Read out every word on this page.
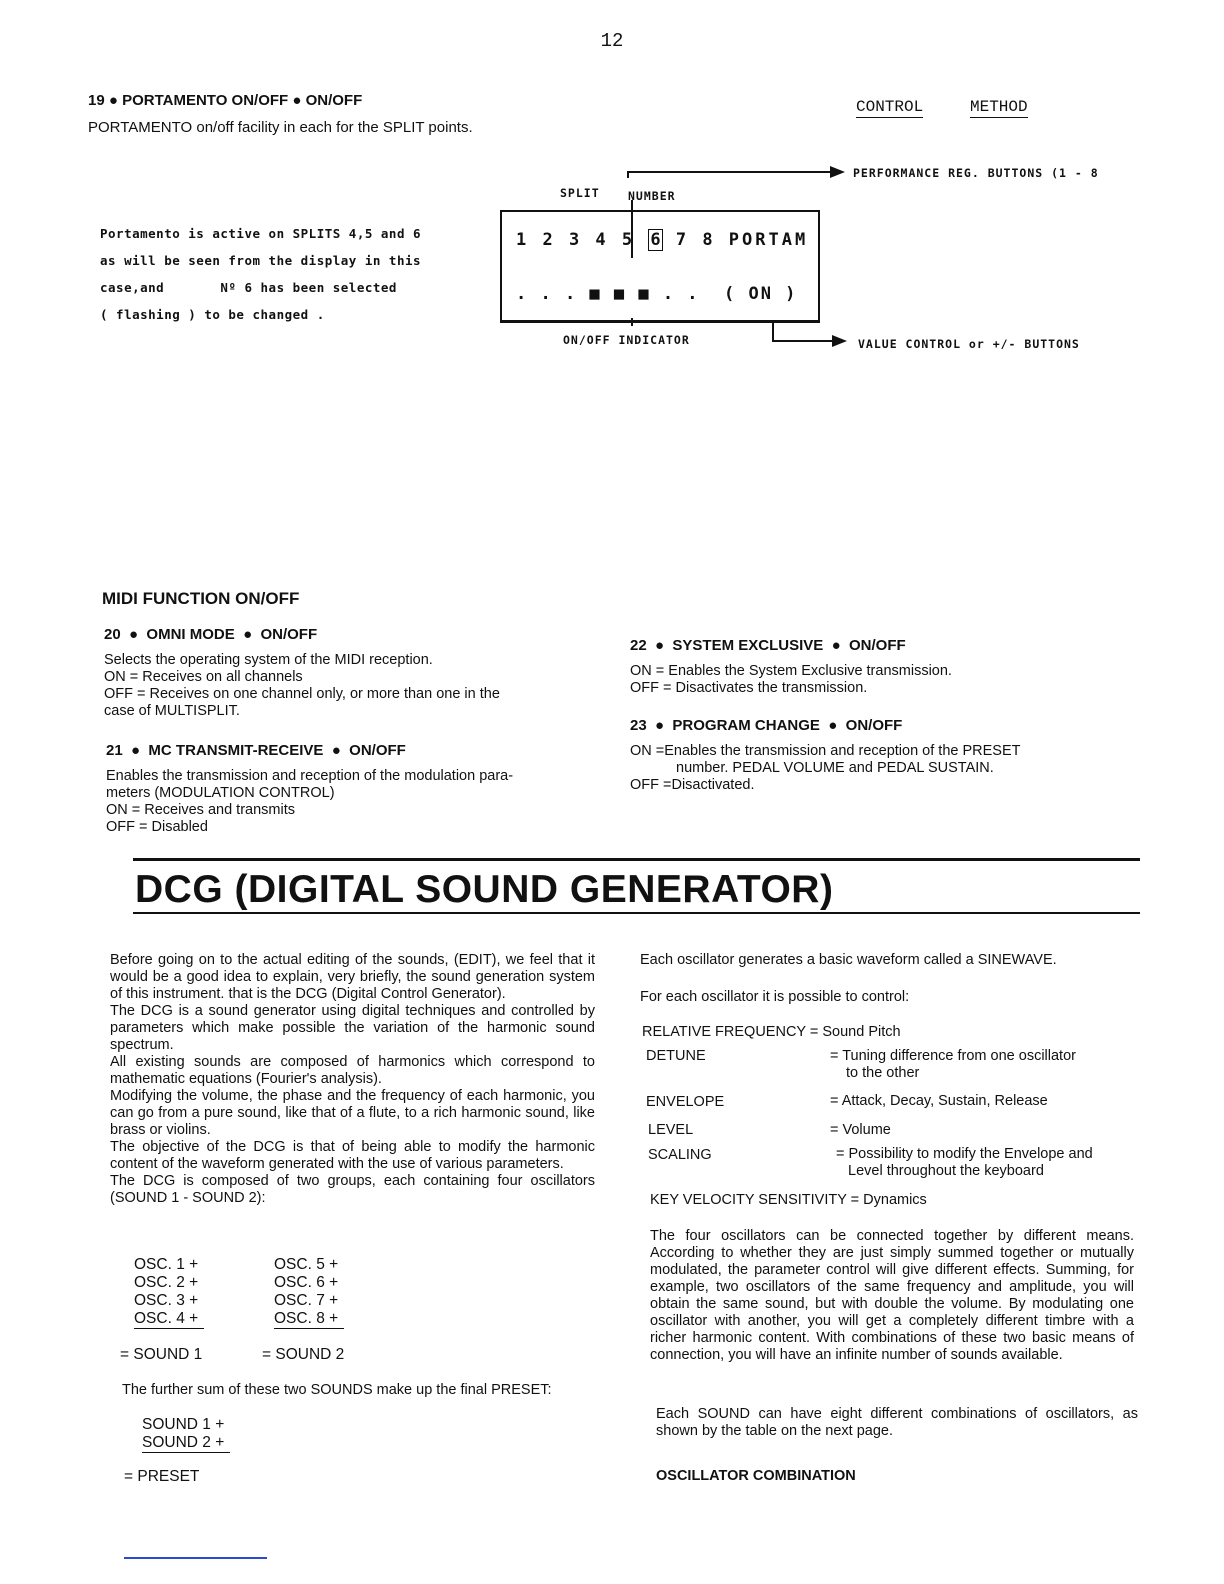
12
19 ● PORTAMENTO ON/OFF ● ON/OFF
PORTAMENTO on/off facility in each for the SPLIT points.
CONTROL	METHOD
Portamento is active on SPLITS 4,5 and 6
as will be seen from the display in this
case,and       Nº 6 has been selected
( flashing ) to be changed .
SPLIT NUMBER
PERFORMANCE REG. BUTTONS (1 - 8
ON/OFF INDICATOR	VALUE CONTROL or +/- BUTTONS
1 2 3 4 5 6 7 8 PORTAM
. . . ■ ■ ■ . .  ( ON )
MIDI FUNCTION ON/OFF
20  ●  OMNI MODE  ●  ON/OFF
Selects the operating system of the MIDI reception.
ON = Receives on all channels
OFF = Receives on one channel only, or more than one in the
case of MULTISPLIT.
21  ●  MC TRANSMIT-RECEIVE  ●  ON/OFF
Enables the transmission and reception of the modulation para-
meters (MODULATION CONTROL)
ON = Receives and transmits
OFF = Disabled
22  ●  SYSTEM EXCLUSIVE  ●  ON/OFF
ON = Enables the System Exclusive transmission.
OFF = Disactivates the transmission.
23  ●  PROGRAM CHANGE  ●  ON/OFF
ON =Enables the transmission and reception of the PRESET
number. PEDAL VOLUME and PEDAL SUSTAIN.
OFF =Disactivated.
DCG (DIGITAL SOUND GENERATOR)
Before going on to the actual editing of the sounds, (EDIT), we feel that it would be a good idea to explain, very briefly, the sound generation system of this instrument. that is the DCG (Digital Control Generator).
The DCG is a sound generator using digital techniques and controlled by parameters which make possible the variation of the harmonic sound spectrum.
All existing sounds are composed of harmonics which correspond to mathematic equations (Fourier's analysis).
Modifying the volume, the phase and the frequency of each harmonic, you can go from a pure sound, like that of a flute, to a rich harmonic sound, like brass or violins.
The objective of the DCG is that of being able to modify the harmonic content of the waveform generated with the use of various parameters.
The DCG is composed of two groups, each containing four oscillators (SOUND 1 - SOUND 2):
OSC. 1 +
OSC. 2 +
OSC. 3 +
OSC. 4 +
OSC. 5 +
OSC. 6 +
OSC. 7 +
OSC. 8 +
= SOUND 1	= SOUND 2
The further sum of these two SOUNDS make up the final PRESET:
SOUND 1 +
SOUND 2 +
= PRESET
Each oscillator generates a basic waveform called a SINEWAVE.
For each oscillator it is possible to control:
RELATIVE FREQUENCY = Sound Pitch
DETUNE	= Tuning difference from one oscillator
to the other
ENVELOPE	= Attack, Decay, Sustain, Release
LEVEL	= Volume
SCALING	= Possibility to modify the Envelope and
Level throughout the keyboard
KEY VELOCITY SENSITIVITY = Dynamics
The four oscillators can be connected together by different means. According to whether they are just simply summed together or mutually modulated, the parameter control will give different effects. Summing, for example, two oscillators of the same frequency and amplitude, you will obtain the same sound, but with double the volume. By modulating one oscillator with another, you will get a completely different timbre with a richer harmonic content. With combinations of these two basic means of connection, you will have an infinite number of sounds available.
Each SOUND can have eight different combinations of oscillators, as shown by the table on the next page.
OSCILLATOR COMBINATION
